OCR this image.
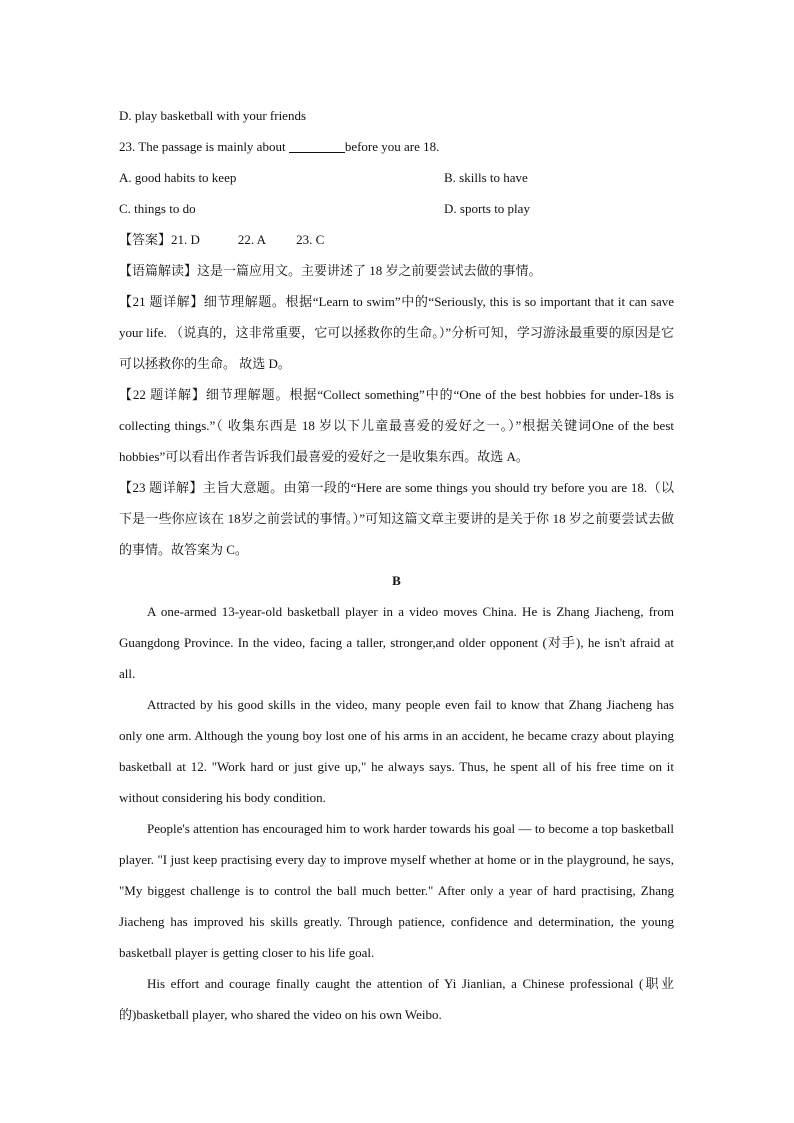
D. play basketball with your friends
23. The passage is mainly about	before you are 18.
A. good habits to keep	B. skills to have
C. things to do	D. sports to play
【答案】21. D	22. A 23. C
【语篇解读】这是一篇应用文。主要讲述了 18 岁之前要尝试去做的事情。

【21 题详解】细节理解题。根据“Learn to swim”中的“Seriously, this is so important that it can save your life. （说真的，这非常重要，它可以拯救你的生命。）”分析可知，学习游泳最重要的原因是它可以拯救你的生命。 故选 D。

【22 题详解】细节理解题。根据“Collect something”中的“One of the best hobbies for under-18s is collecting things.”（ 收集东西是 18 岁以下儿童最喜爱的爱好之一。）”根据关键词One of the best hobbies”可以看出作者告诉我们最喜爱的爱好之一是收集东西。故选 A。

【23 题详解】主旨大意题。由第一段的“Here are some things you should try before you are 18.（以下是一些你应该在 18岁之前尝试的事情。）”可知这篇文章主要讲的是关于你 18 岁之前要尝试去做的事情。故答案为 C。

B

A one-armed 13-year-old basketball player in a video moves China. He is Zhang Jiacheng, from Guangdong Province. In the video, facing a taller, stronger,and older opponent (对手), he isn't afraid at all.

Attracted by his good skills in the video, many people even fail to know that Zhang Jiacheng has only one arm. Although the young boy lost one of his arms in an accident, he became crazy about playing basketball at 12. "Work hard or just give up," he always says. Thus, he spent all of his free time on it without considering his body condition.

People's attention has encouraged him to work harder towards his goal — to become a top basketball player. "I just keep practising every day to improve myself whether at home or in the playground, he says, "My biggest challenge is to control the ball much better." After only a year of hard practising, Zhang Jiacheng has improved his skills greatly. Through patience, confidence and determination, the young basketball player is getting closer to his life goal.

His effort and courage finally caught the attention of Yi Jianlian, a Chinese professional (职业的)basketball player, who shared the video on his own Weibo.
